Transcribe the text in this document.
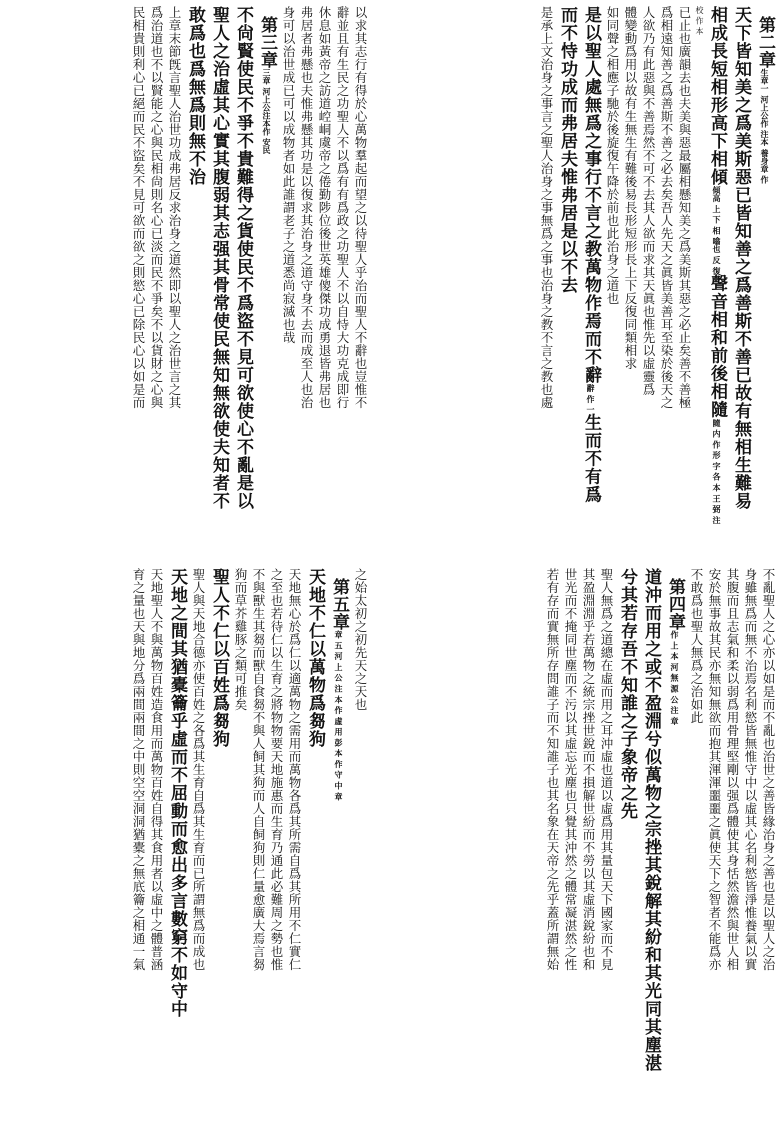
第二章生章一 河上公作 注本 養身章 作
天下皆知美之爲美斯惡已皆知善之爲善斯不善已故有無相生難易
相成長短相形高下相傾傾高 上 下 相 噏也 反 復聲音相和前後相隨隨 内 作 形 字 各 本 王 弼 注
校 作 本
已止也廣韻去也夫美與惡最屬相懸知美之爲美斯其惡之必止矣善不善極
爲相遠知善之爲善斯不善之必去矣吾人先天之眞皆美善耳至染於後天之
人欲乃有此惡與不善焉然不可不去其人欲而求其天眞也惟先以虛靈爲
體變動爲用以故有生無生有難後易長形短形長上下反復同類相求
如同聲之相應子馳於後旋復午降於前也此治身之道也
是以聖人處無爲之事行不言之教萬物作焉而不辭辭 作 一生而不有爲
而不恃功成而弗居夫惟弗居是以不去
是承上文治身之事言之聖人治身之事無爲之事也治身之教不言之教也處
以求其志行有得於心萬物羣起而望之以待聖人乎治而聖人不辭也豈惟不
辭並且有生民之功聖人不以爲有有爲政之功聖人不以自恃大功克成即行
休息如黃帝之訪道崆峒虞帝之倦勤陟位後世英雄傻傑功成勇退皆弗居也
弗居者弗懸也夫惟弗懸其功是以復求其治身之道守身不去而成至人也治
身可以治世成已可以成物者如此誰謂老子之道悉尚寂滅也哉
第三章三章 河上公注本作 安民
不尙賢使民不爭不貴難得之貨使民不爲盜不見可欲使心不亂是以
聖人之治虛其心實其腹弱其志强其骨常使民無知無欲使夫知者不
敢爲也爲無爲則無不治
上章末節旣言聖人治世功成弗居反求治身之道然即以聖人之治世言之其
爲治道也不以賢能之心與民相尙則名心已淡而民不爭矣不以貨財之心與
民相貴則利心已絕而民不盜矣不見可欲而欲之則慾心已除民心以如是而
不亂聖人之心亦以如是而不亂也治世之善皆緣治身之善也是以聖人之治
身雖無爲而無不治焉名利慾皆無惟守中以虛其心名利慾皆淨惟養氣以實
其腹而且志氣和柔以弱爲用骨理堅剛以强爲體使其身恬然澹然與世人相
安於無事故其民亦無知無欲而抱其渾渾噩噩之眞使天下之智者不能爲亦
不敢爲也聖人無爲之治如此
第四章作 上 本 河 無 源 公 注 章
道沖而用之或不盈淵兮似萬物之宗挫其銳解其紛和其光同其塵湛
兮其若存吾不知誰之子象帝之先
聖人無爲之道總在虛而用之耳沖虛也道以虛爲用其量包天下國家而不見
其盈淵淵乎若萬物之統宗挫世銳而不損解世紛而不勞以其虛消銳紛也和
世光而不掩同世塵而不污以其虛忘光塵也只覺其沖然之體常凝湛然之性
若有存而實無所存問誰子而不知誰子也其名象在天帝之先乎蓋所謂無始
之始太初之初先天之天也
第五章章 五 河 上 公 注 本 作 虛 用 彭 本 作 守 中 章
天地不仁以萬物爲芻狗
天地無心於爲仁以適萬物之需用而萬物各爲其所需自爲其所用不仁實仁
之至也若待仁以生育之將物物要天地施惠而生育乃通此必難周之勢也惟
不與獸生其芻而獸自食芻不與人飼其狗而人自飼狗則仁量愈廣大焉言芻
狗而草芥雞豚之類可推矣
聖人不仁以百姓爲芻狗
聖人與天地合德亦使百姓之各爲其生育自爲其生育而已所謂無爲而成也
天地之間其猶橐籥乎虛而不屈動而愈出多言數窮不如守中
天地聖人不與萬物百姓造食用而萬物百姓自得其食用者以虛中之體普涵
育之量也天與地分爲兩間兩間之中則空空洞洞猶橐之無底籥之相通一氣
